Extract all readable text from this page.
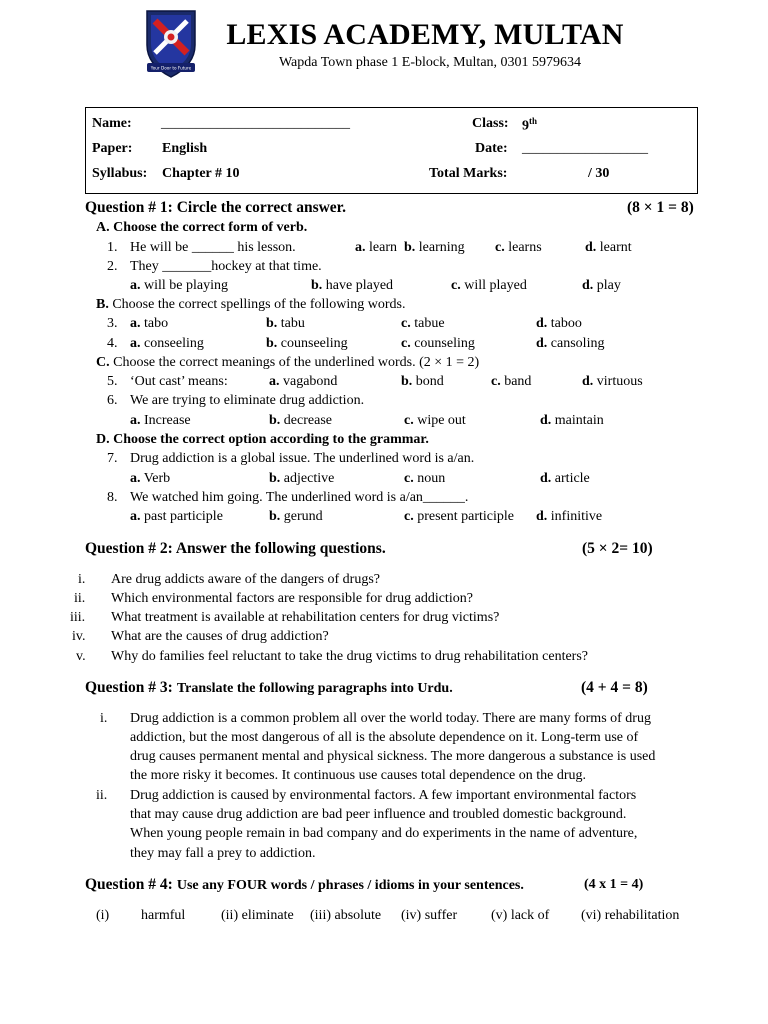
Your Door to Future
LEXIS ACADEMY, MULTAN
Wapda Town phase 1 E-block, Multan, 0301 5979634
Name: ___________________________	Class: 9th
Paper: English	Date: __________________
Syllabus: Chapter # 10	Total Marks:	/ 30
Question # 1: Circle the correct answer.	(8 × 1 = 8)
A. Choose the correct form of verb.
1. He will be ______ his lesson.	a. learn b. learning c. learns	d. learnt
2. They _______hockey at that time.
a. will be playing	b. have played	c. will played	d. play
B. Choose the correct spellings of the following words.
3. a. tabo	b. tabu	c. tabue	d. taboo
4. a. conseeling	b. counseeling	c. counseling	d. cansoling
C. Choose the correct meanings of the underlined words. (2 × 1 = 2)
5. ‘Out cast’ means:	a. vagabond	b. bond	c. band	d. virtuous
6. We are trying to eliminate drug addiction.
a. Increase	b. decrease	c. wipe out	d. maintain
D. Choose the correct option according to the grammar.
7. Drug addiction is a global issue. The underlined word is a/an.
a. Verb	b. adjective	c. noun	d. article
8. We watched him going. The underlined word is a/an______.
a. past participle	b. gerund	c. present participle d. infinitive
Question # 2: Answer the following questions.	(5 × 2= 10)
i. Are drug addicts aware of the dangers of drugs?
ii. Which environmental factors are responsible for drug addiction?
iii. What treatment is available at rehabilitation centers for drug victims?
iv. What are the causes of drug addiction?
v. Why do families feel reluctant to take the drug victims to drug rehabilitation centers?
Question # 3: Translate the following paragraphs into Urdu.	(4 + 4 = 8)
i. Drug addiction is a common problem all over the world today. There are many forms of drug
addiction, but the most dangerous of all is the absolute dependence on it. Long-term use of
drug causes permanent mental and physical sickness. The more dangerous a substance is used
the more risky it becomes. It continuous use causes total dependence on the drug.
ii. Drug addiction is caused by environmental factors. A few important environmental factors
that may cause drug addiction are bad peer influence and troubled domestic background.
When young people remain in bad company and do experiments in the name of adventure,
they may fall a prey to addiction.
Question # 4: Use any FOUR words / phrases / idioms in your sentences.	(4 x 1 = 4)
(i) harmful	(ii) eliminate (iii) absolute (iv) suffer (v) lack of (vi) rehabilitation
